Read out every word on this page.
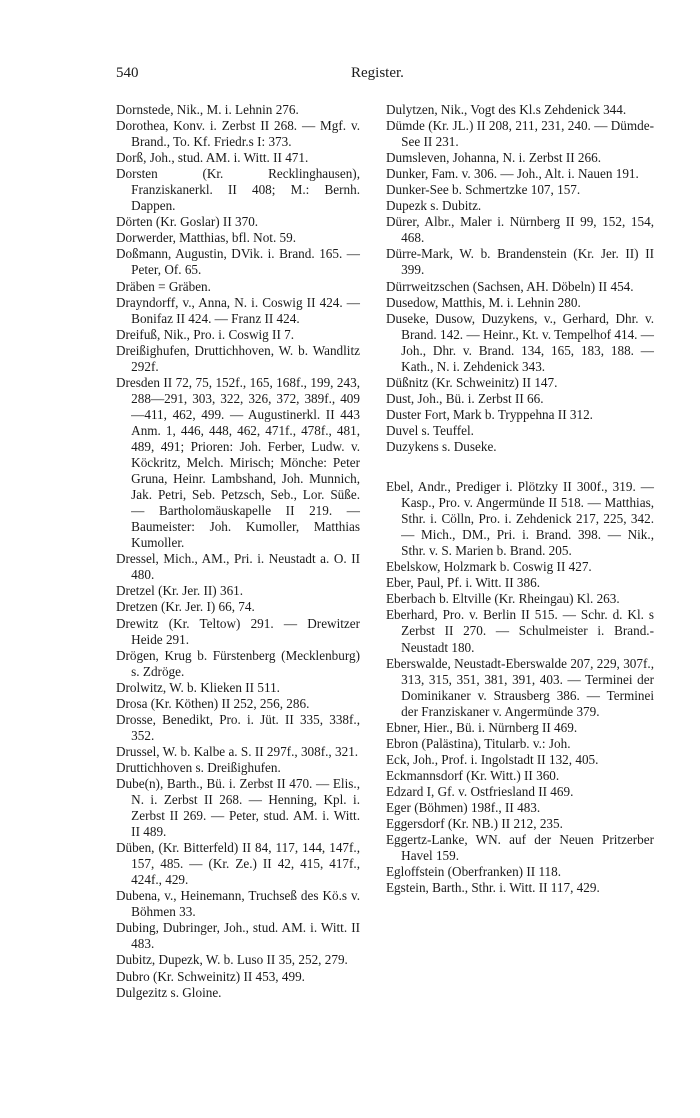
540	Register.

Dornstede, Nik., M. i. Lehnin 276.

Dorothea, Konv. i. Zerbst II 268. — Mgf. v. Brand., To. Kf. Friedr.s I: 373.

Dorß, Joh., stud. AM. i. Witt. II 471.

Dorsten (Kr. Recklinghausen), Franziskanerkl. II 408; M.: Bernh. Dappen.

Dörten (Kr. Goslar) II 370.

Dorwerder, Matthias, bfl. Not. 59.

Doßmann, Augustin, DVik. i. Brand. 165. — Peter, Of. 65.

Dräben = Gräben.

Drayndorff, v., Anna, N. i. Coswig II 424. — Bonifaz II 424. — Franz II 424.

Dreifuß, Nik., Pro. i. Coswig II 7.

Dreißighufen, Druttichhoven, W. b. Wandlitz 292f.

Dresden II 72, 75, 152f., 165, 168f., 199, 243, 288—291, 303, 322, 326, 372, 389f., 409—411, 462, 499. — Augustinerkl. II 443 Anm. 1, 446, 448, 462, 471f., 478f., 481, 489, 491; Prioren: Joh. Ferber, Ludw. v. Köckritz, Melch. Mirisch; Mönche: Peter Gruna, Heinr. Lambshand, Joh. Munnich, Jak. Petri, Seb. Petzsch, Seb., Lor. Süße. — Bartholomäuskapelle II 219. — Baumeister: Joh. Kumoller, Matthias Kumoller.

Dressel, Mich., AM., Pri. i. Neustadt a. O. II 480.

Dretzel (Kr. Jer. II) 361.

Dretzen (Kr. Jer. I) 66, 74.

Drewitz (Kr. Teltow) 291. — Drewitzer Heide 291.

Drögen, Krug b. Fürstenberg (Mecklenburg) s. Zdröge.

Drolwitz, W. b. Klieken II 511.

Drosa (Kr. Köthen) II 252, 256, 286.

Drosse, Benedikt, Pro. i. Jüt. II 335, 338f., 352.

Drussel, W. b. Kalbe a. S. II 297f., 308f., 321.

Druttichhoven s. Dreißighufen.

Dube(n), Barth., Bü. i. Zerbst II 470. — Elis., N. i. Zerbst II 268. — Henning, Kpl. i. Zerbst II 269. — Peter, stud. AM. i. Witt. II 489.

Düben, (Kr. Bitterfeld) II 84, 117, 144, 147f., 157, 485. — (Kr. Ze.) II 42, 415, 417f., 424f., 429.

Dubena, v., Heinemann, Truchseß des Kö.s v. Böhmen 33.

Dubing, Dubringer, Joh., stud. AM. i. Witt. II 483.

Dubitz, Dupezk, W. b. Luso II 35, 252, 279.

Dubro (Kr. Schweinitz) II 453, 499.

Dulgezitz s. Gloine.

Dulytzen, Nik., Vogt des Kl.s Zehdenick 344.

Dümde (Kr. JL.) II 208, 211, 231, 240. — Dümde-See II 231.

Dumsleven, Johanna, N. i. Zerbst II 266.

Dunker, Fam. v. 306. — Joh., Alt. i. Nauen 191.

Dunker-See b. Schmertzke 107, 157.

Dupezk s. Dubitz.

Dürer, Albr., Maler i. Nürnberg II 99, 152, 154, 468.

Dürre-Mark, W. b. Brandenstein (Kr. Jer. II) II 399.

Dürrweitzschen (Sachsen, AH. Döbeln) II 454.

Dusedow, Matthis, M. i. Lehnin 280.

Duseke, Dusow, Duzykens, v., Gerhard, Dhr. v. Brand. 142. — Heinr., Kt. v. Tempelhof 414. — Joh., Dhr. v. Brand. 134, 165, 183, 188. — Kath., N. i. Zehdenick 343.

Düßnitz (Kr. Schweinitz) II 147.

Dust, Joh., Bü. i. Zerbst II 66.

Duster Fort, Mark b. Tryppehna II 312.

Duvel s. Teuffel.

Duzykens s. Duseke.

Ebel, Andr., Prediger i. Plötzky II 300f., 319. — Kasp., Pro. v. Angermünde II 518. — Matthias, Sthr. i. Cölln, Pro. i. Zehdenick 217, 225, 342. — Mich., DM., Pri. i. Brand. 398. — Nik., Sthr. v. S. Marien b. Brand. 205.

Ebelskow, Holzmark b. Coswig II 427.

Eber, Paul, Pf. i. Witt. II 386.

Eberbach b. Eltville (Kr. Rheingau) Kl. 263.

Eberhard, Pro. v. Berlin II 515. — Schr. d. Kl. s Zerbst II 270. — Schulmeister i. Brand.-Neustadt 180.

Eberswalde, Neustadt-Eberswalde 207, 229, 307f., 313, 315, 351, 381, 391, 403. — Terminei der Dominikaner v. Strausberg 386. — Terminei der Franziskaner v. Angermünde 379.

Ebner, Hier., Bü. i. Nürnberg II 469.

Ebron (Palästina), Titularb. v.: Joh.

Eck, Joh., Prof. i. Ingolstadt II 132, 405.

Eckmannsdorf (Kr. Witt.) II 360.

Edzard I, Gf. v. Ostfriesland II 469.

Eger (Böhmen) 198f., II 483.

Eggersdorf (Kr. NB.) II 212, 235.

Eggertz-Lanke, WN. auf der Neuen Pritzerber Havel 159.

Egloffstein (Oberfranken) II 118.

Egstein, Barth., Sthr. i. Witt. II 117, 429.
